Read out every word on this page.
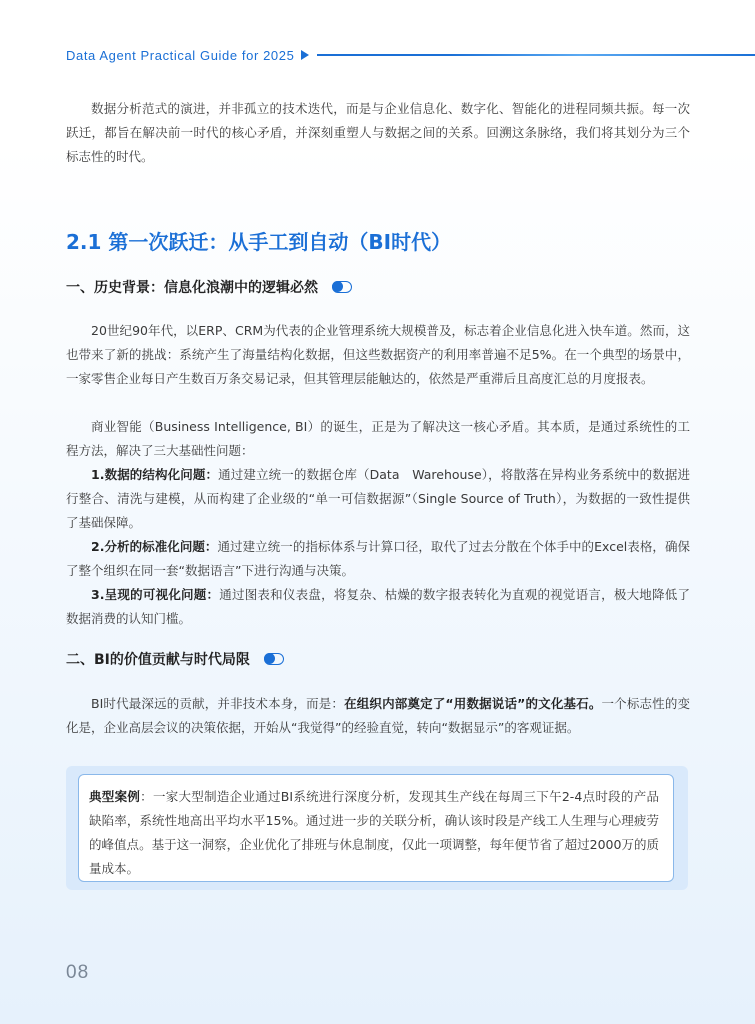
Data Agent Practical Guide for 2025

数据分析范式的演进，并非孤立的技术迭代，而是与企业信息化、数字化、智能化的进程同频共振。每一次跃迁，都旨在解决前一时代的核心矛盾，并深刻重塑人与数据之间的关系。回溯这条脉络，我们将其划分为三个标志性的时代。

2.1 第一次跃迁：从手工到自动（BI时代）
一、历史背景：信息化浪潮中的逻辑必然

20世纪90年代，以ERP、CRM为代表的企业管理系统大规模普及，标志着企业信息化进入快车道。然而，这也带来了新的挑战：系统产生了海量结构化数据，但这些数据资产的利用率普遍不足5%。在一个典型的场景中，一家零售企业每日产生数百万条交易记录，但其管理层能触达的，依然是严重滞后且高度汇总的月度报表。

商业智能（Business Intelligence, BI）的诞生，正是为了解决这一核心矛盾。其本质，是通过系统性的工程方法，解决了三大基础性问题：

1.数据的结构化问题：通过建立统一的数据仓库（Data　Warehouse），将散落在异构业务系统中的数据进行整合、清洗与建模，从而构建了企业级的“单一可信数据源”（Single Source of Truth），为数据的一致性提供了基础保障。

2.分析的标准化问题：通过建立统一的指标体系与计算口径，取代了过去分散在个体手中的Excel表格，确保了整个组织在同一套“数据语言”下进行沟通与决策。

3.呈现的可视化问题：通过图表和仪表盘，将复杂、枯燥的数字报表转化为直观的视觉语言，极大地降低了数据消费的认知门槛。

二、BI的价值贡献与时代局限

BI时代最深远的贡献，并非技术本身，而是：在组织内部奠定了“用数据说话”的文化基石。一个标志性的变化是，企业高层会议的决策依据，开始从“我觉得”的经验直觉，转向“数据显示”的客观证据。

典型案例：一家大型制造企业通过BI系统进行深度分析，发现其生产线在每周三下午2-4点时段的产品缺陷率，系统性地高出平均水平15%。通过进一步的关联分析，确认该时段是产线工人生理与心理疲劳的峰值点。基于这一洞察，企业优化了排班与休息制度，仅此一项调整，每年便节省了超过2000万的质量成本。
08
